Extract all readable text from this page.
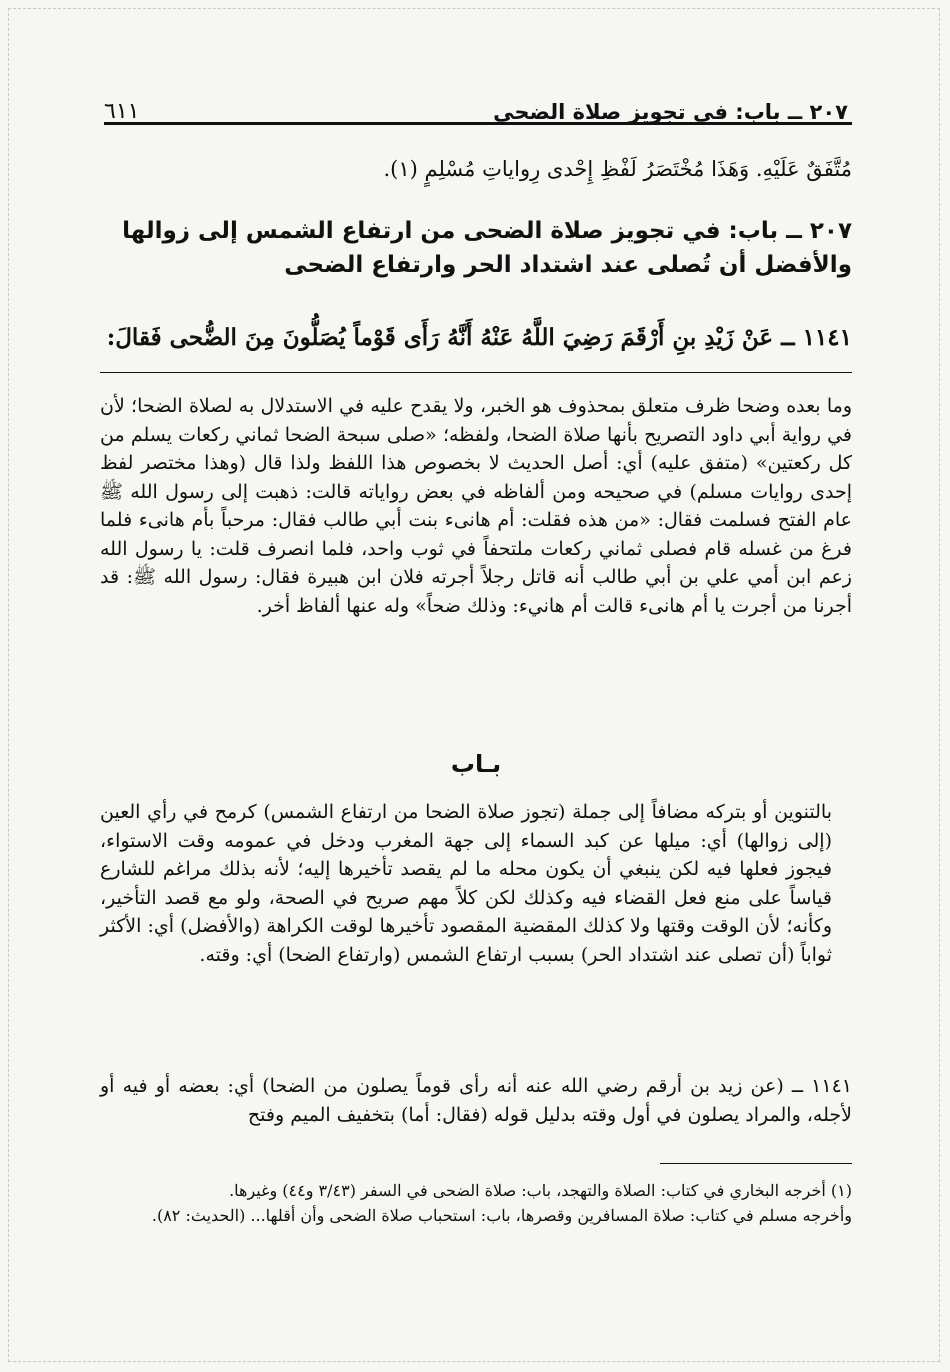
٢٠٧ ــ باب: في تجويز صلاة الضحى
٦١١
مُتَّفَقٌ عَلَيْهِ. وَهَذَا مُخْتَصَرُ لَفْظِ إِحْدى رِواياتِ مُسْلِمٍ (١).
٢٠٧ ــ باب: في تجويز صلاة الضحى من ارتفاع الشمس إلى زوالها
والأفضل أن تُصلى عند اشتداد الحر وارتفاع الضحى
١١٤١ ــ عَنْ زَيْدِ بنِ أَرْقَمَ رَضِيَ اللَّهُ عَنْهُ أَنَّهُ رَأَى قَوْماً يُصَلُّونَ مِنَ الضُّحى فَقالَ:

وما بعده وضحا ظرف متعلق بمحذوف هو الخبر، ولا يقدح عليه في الاستدلال به لصلاة الضحا؛ لأن في رواية أبي داود التصريح بأنها صلاة الضحا، ولفظه؛ «صلى سبحة الضحا ثماني ركعات يسلم من كل ركعتين» (متفق عليه) أي: أصل الحديث لا بخصوص هذا اللفظ ولذا قال (وهذا مختصر لفظ إحدى روايات مسلم) في صحيحه ومن ألفاظه في بعض رواياته قالت: ذهبت إلى رسول الله ﷺ عام الفتح فسلمت فقال: «من هذه فقلت: أم هانىء بنت أبي طالب فقال: مرحباً بأم هانىء فلما فرغ من غسله قام فصلى ثماني ركعات ملتحفاً في ثوب واحد، فلما انصرف قلت: يا رسول الله زعم ابن أمي علي بن أبي طالب أنه قاتل رجلاً أجرته فلان ابن هبيرة فقال: رسول الله ﷺ: قد أجرنا من أجرت يا أم هانىء قالت أم هانيء: وذلك ضحاً» وله عنها ألفاظ أخر.

بـاب

بالتنوين أو بتركه مضافاً إلى جملة (تجوز صلاة الضحا من ارتفاع الشمس) كرمح في رأي العين (إلى زوالها) أي: ميلها عن كبد السماء إلى جهة المغرب ودخل في عمومه وقت الاستواء، فيجوز فعلها فيه لكن ينبغي أن يكون محله ما لم يقصد تأخيرها إليه؛ لأنه بذلك مراغم للشارع قياساً على منع فعل القضاء فيه وكذلك لكن كلاً مهم صريح في الصحة، ولو مع قصد التأخير، وكأنه؛ لأن الوقت وقتها ولا كذلك المقضية المقصود تأخيرها لوقت الكراهة (والأفضل) أي: الأكثر ثواباً (أن تصلى عند اشتداد الحر) بسبب ارتفاع الشمس (وارتفاع الضحا) أي: وقته.

١١٤١ ــ (عن زيد بن أرقم رضي الله عنه أنه رأى قوماً يصلون من الضحا) أي: بعضه أو فيه أو لأجله، والمراد يصلون في أول وقته بدليل قوله (فقال: أما) بتخفيف الميم وفتح

(١) أخرجه البخاري في كتاب: الصلاة والتهجد، باب: صلاة الضحى في السفر (٣/٤٣ و٤٤) وغيرها.

وأخرجه مسلم في كتاب: صلاة المسافرين وقصرها، باب: استحباب صلاة الضحى وأن أقلها... (الحديث: ٨٢).
